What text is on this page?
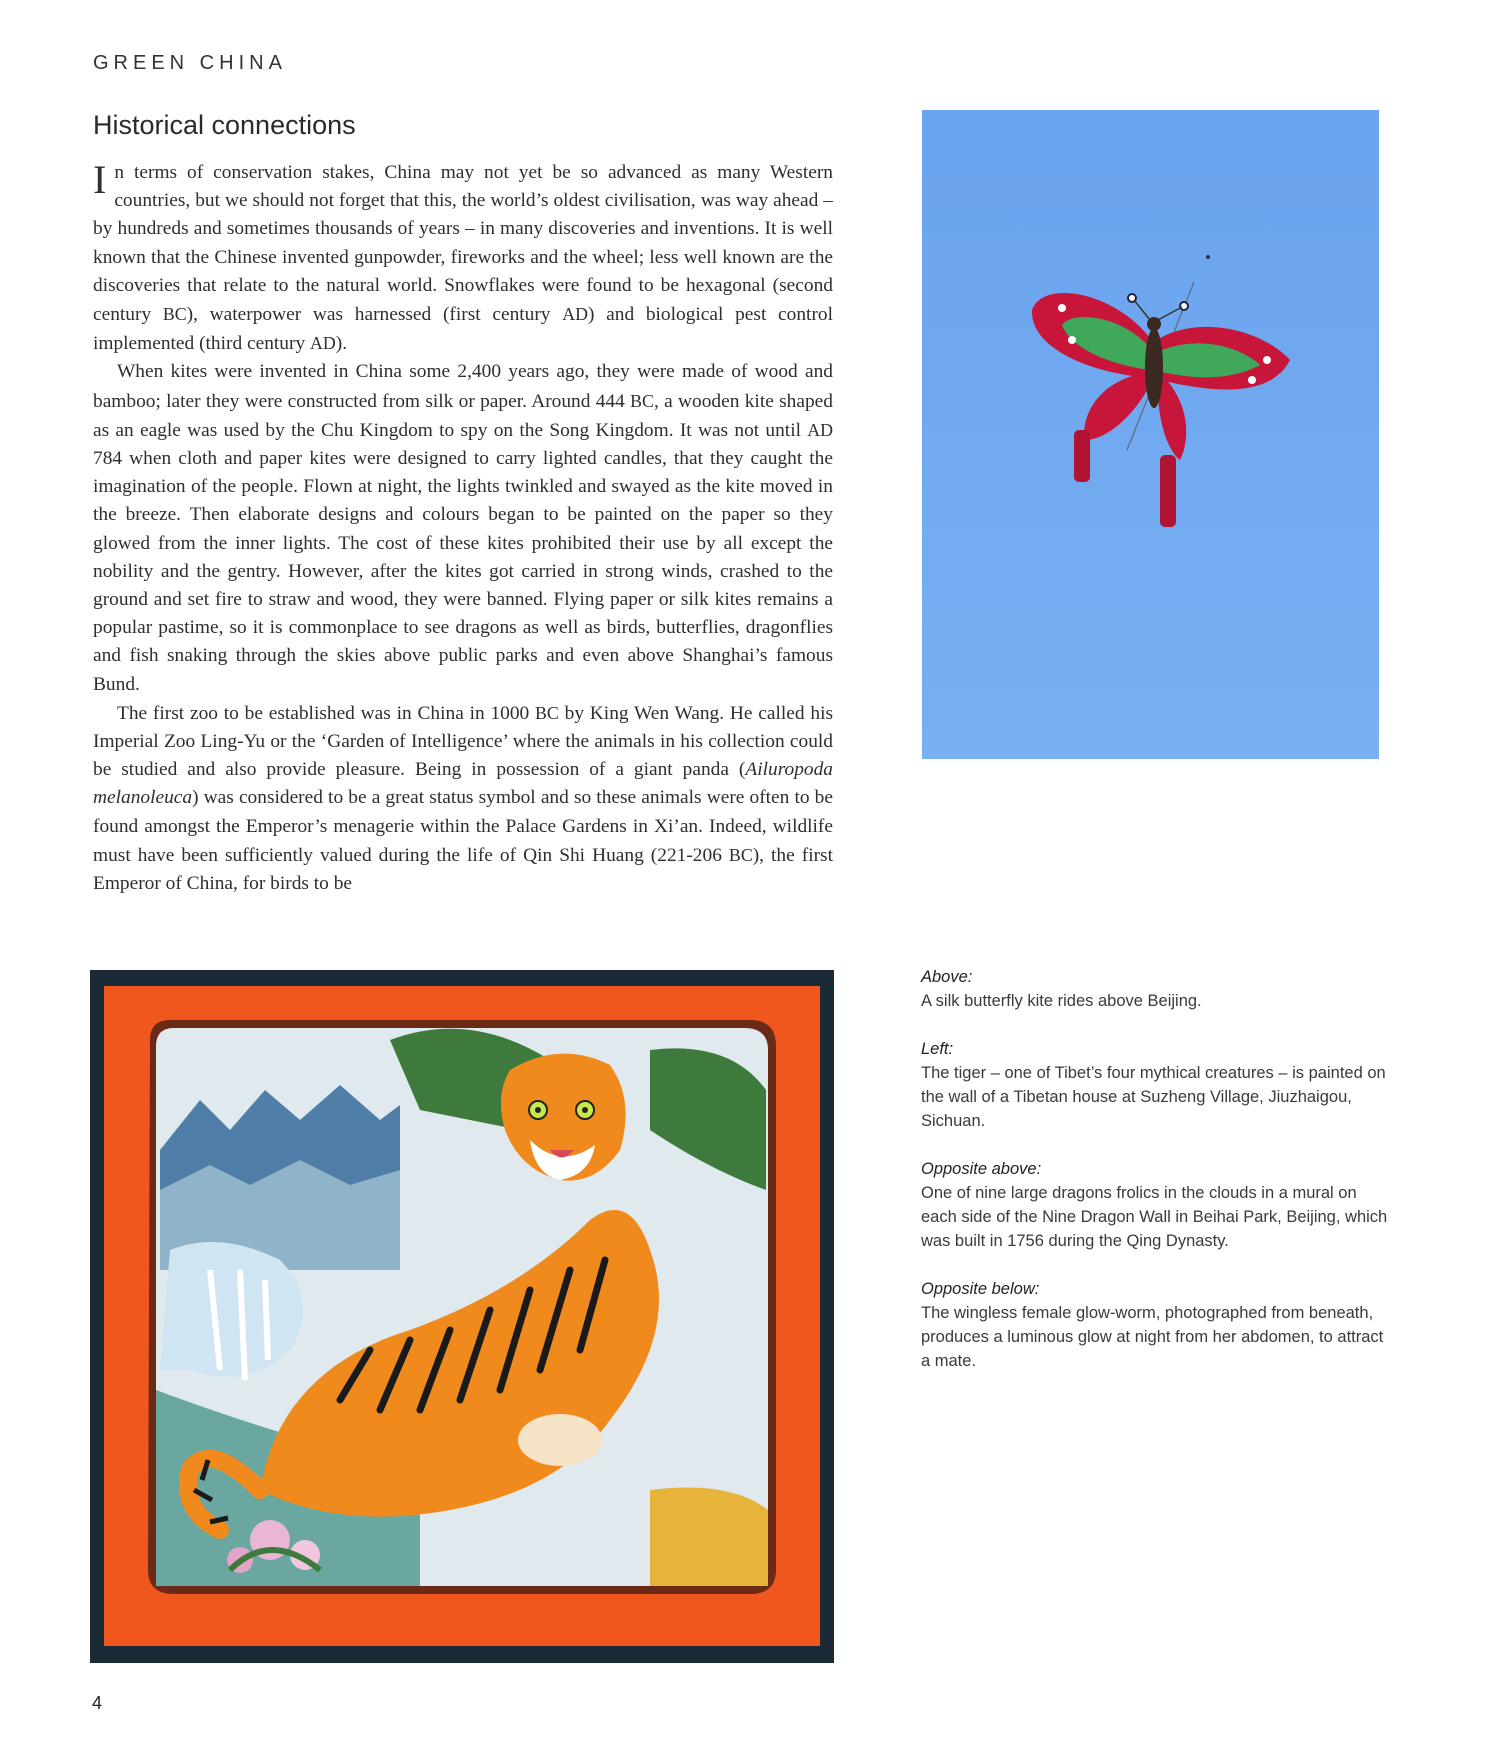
GREEN CHINA
Historical connections

In terms of conservation stakes, China may not yet be so advanced as many Western countries, but we should not forget that this, the world’s oldest civilisation, was way ahead – by hundreds and sometimes thousands of years – in many discoveries and inventions. It is well known that the Chinese invented gunpowder, fireworks and the wheel; less well known are the discoveries that relate to the natural world. Snowflakes were found to be hexagonal (second century BC), waterpower was harnessed (first century AD) and biological pest control implemented (third century AD).

When kites were invented in China some 2,400 years ago, they were made of wood and bamboo; later they were constructed from silk or paper. Around 444 BC, a wooden kite shaped as an eagle was used by the Chu Kingdom to spy on the Song Kingdom. It was not until AD 784 when cloth and paper kites were designed to carry lighted candles, that they caught the imagination of the people. Flown at night, the lights twinkled and swayed as the kite moved in the breeze. Then elaborate designs and colours began to be painted on the paper so they glowed from the inner lights. The cost of these kites prohibited their use by all except the nobility and the gentry. However, after the kites got carried in strong winds, crashed to the ground and set fire to straw and wood, they were banned. Flying paper or silk kites remains a popular pastime, so it is commonplace to see dragons as well as birds, butterflies, dragonflies and fish snaking through the skies above public parks and even above Shanghai’s famous Bund.

The first zoo to be established was in China in 1000 BC by King Wen Wang. He called his Imperial Zoo Ling-Yu or the ‘Garden of Intelligence’ where the animals in his collection could be studied and also provide pleasure. Being in possession of a giant panda (Ailuropoda melanoleuca) was considered to be a great status symbol and so these animals were often to be found amongst the Emperor’s menagerie within the Palace Gardens in Xi’an. Indeed, wildlife must have been sufficiently valued during the life of Qin Shi Huang (221-206 BC), the first Emperor of China, for birds to be

Above:
A silk butterfly kite rides above Beijing.
Left:
The tiger – one of Tibet’s four mythical creatures – is painted on the wall of a Tibetan house at Suzheng Village, Jiuzhaigou, Sichuan.
Opposite above:
One of nine large dragons frolics in the clouds in a mural on each side of the Nine Dragon Wall in Beihai Park, Beijing, which was built in 1756 during the Qing Dynasty.
Opposite below:
The wingless female glow-worm, photographed from beneath, produces a luminous glow at night from her abdomen, to attract a mate.
4
